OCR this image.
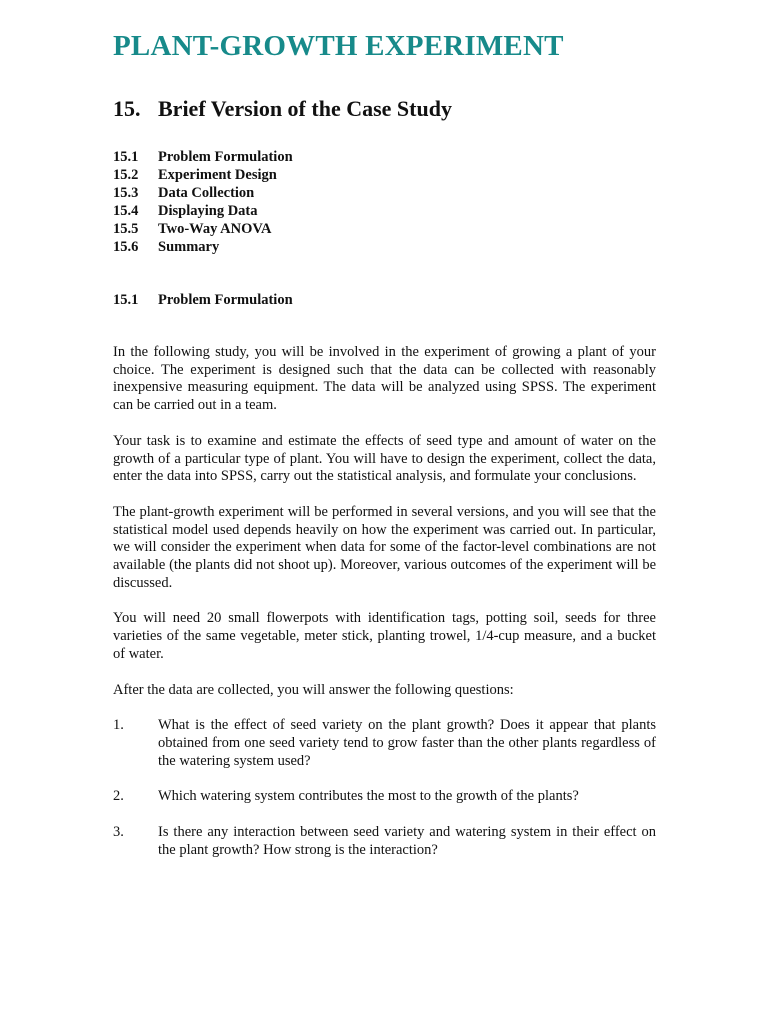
PLANT-GROWTH EXPERIMENT
15. Brief Version of the Case Study
15.1 Problem Formulation
15.2 Experiment Design
15.3 Data Collection
15.4 Displaying Data
15.5 Two-Way ANOVA
15.6 Summary
15.1 Problem Formulation

In the following study, you will be involved in the experiment of growing a plant of your choice. The experiment is designed such that the data can be collected with reasonably inexpensive measuring equipment. The data will be analyzed using SPSS. The experiment can be carried out in a team.

Your task is to examine and estimate the effects of seed type and amount of water on the growth of a particular type of plant. You will have to design the experiment, collect the data, enter the data into SPSS, carry out the statistical analysis, and formulate your conclusions.

The plant-growth experiment will be performed in several versions, and you will see that the statistical model used depends heavily on how the experiment was carried out. In particular, we will consider the experiment when data for some of the factor-level combinations are not available (the plants did not shoot up). Moreover, various outcomes of the experiment will be discussed.

You will need 20 small flowerpots with identification tags, potting soil, seeds for three varieties of the same vegetable, meter stick, planting trowel, 1/4-cup measure, and a bucket of water.

After the data are collected, you will answer the following questions:

1.	What is the effect of seed variety on the plant growth? Does it appear that plants obtained from one seed variety tend to grow faster than the other plants regardless of the watering system used?
2.	Which watering system contributes the most to the growth of the plants?
3.	Is there any interaction between seed variety and watering system in their effect on the plant growth? How strong is the interaction?
